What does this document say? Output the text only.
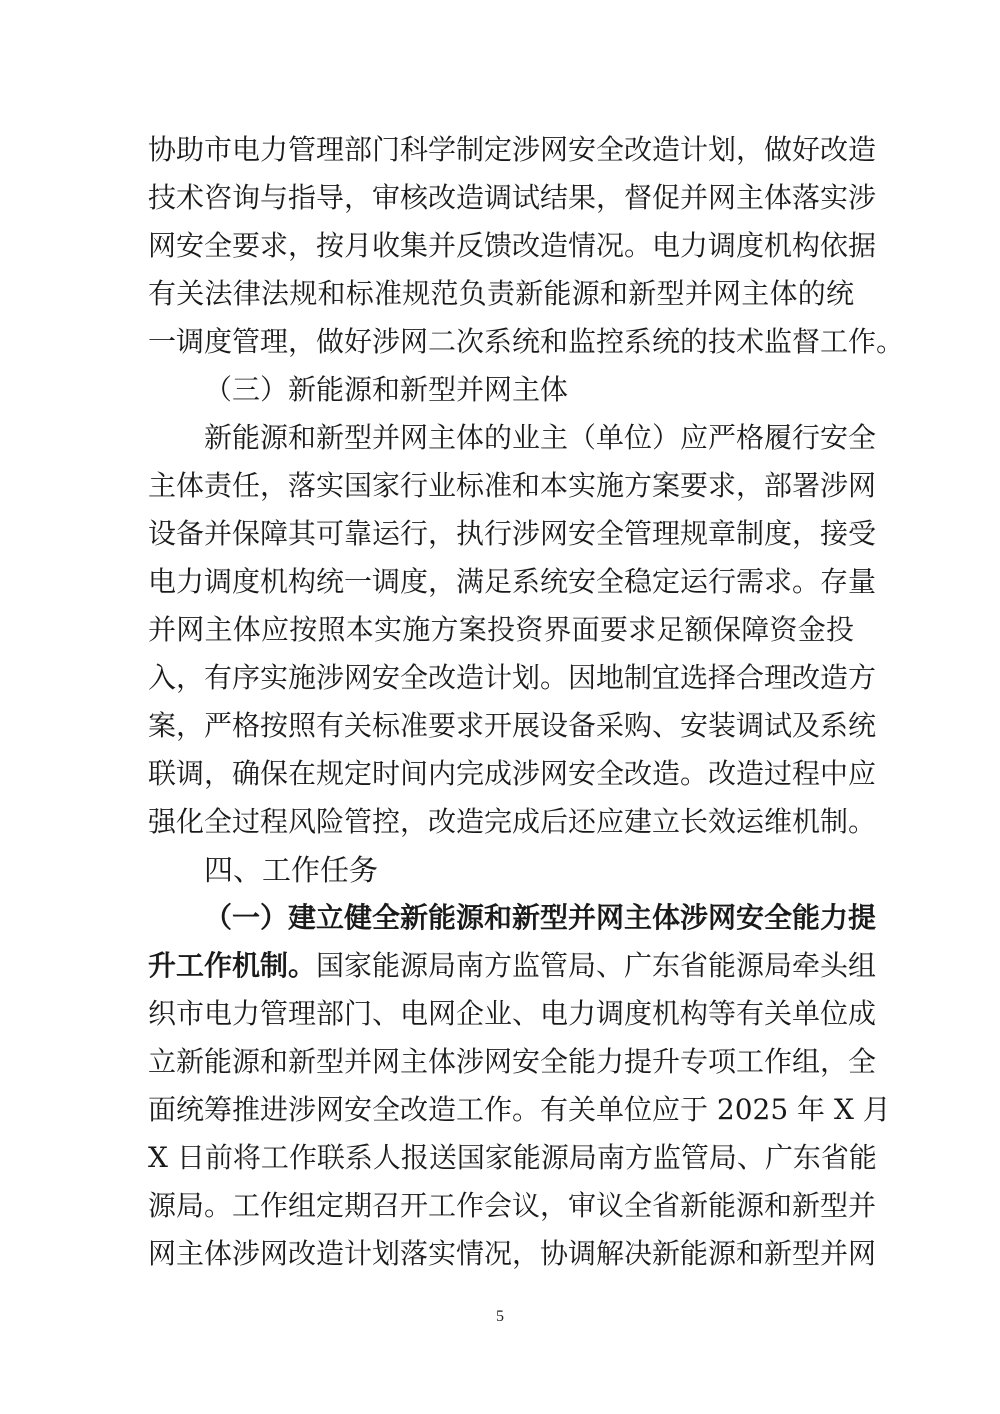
协助市电力管理部门科学制定涉网安全改造计划，做好改造
技术咨询与指导，审核改造调试结果，督促并网主体落实涉
网安全要求，按月收集并反馈改造情况。电力调度机构依据
有关法律法规和标准规范负责新能源和新型并网主体的统
一调度管理，做好涉网二次系统和监控系统的技术监督工作。
（三）新能源和新型并网主体
新能源和新型并网主体的业主（单位）应严格履行安全
主体责任，落实国家行业标准和本实施方案要求，部署涉网
设备并保障其可靠运行，执行涉网安全管理规章制度，接受
电力调度机构统一调度，满足系统安全稳定运行需求。存量
并网主体应按照本实施方案投资界面要求足额保障资金投
入，有序实施涉网安全改造计划。因地制宜选择合理改造方
案，严格按照有关标准要求开展设备采购、安装调试及系统
联调，确保在规定时间内完成涉网安全改造。改造过程中应
强化全过程风险管控，改造完成后还应建立长效运维机制。
四、工作任务
（一）建立健全新能源和新型并网主体涉网安全能力提
升工作机制。国家能源局南方监管局、广东省能源局牵头组
织市电力管理部门、电网企业、电力调度机构等有关单位成
立新能源和新型并网主体涉网安全能力提升专项工作组，全
面统筹推进涉网安全改造工作。有关单位应于 2025 年 X 月
X 日前将工作联系人报送国家能源局南方监管局、广东省能
源局。工作组定期召开工作会议，审议全省新能源和新型并
网主体涉网改造计划落实情况，协调解决新能源和新型并网
5
